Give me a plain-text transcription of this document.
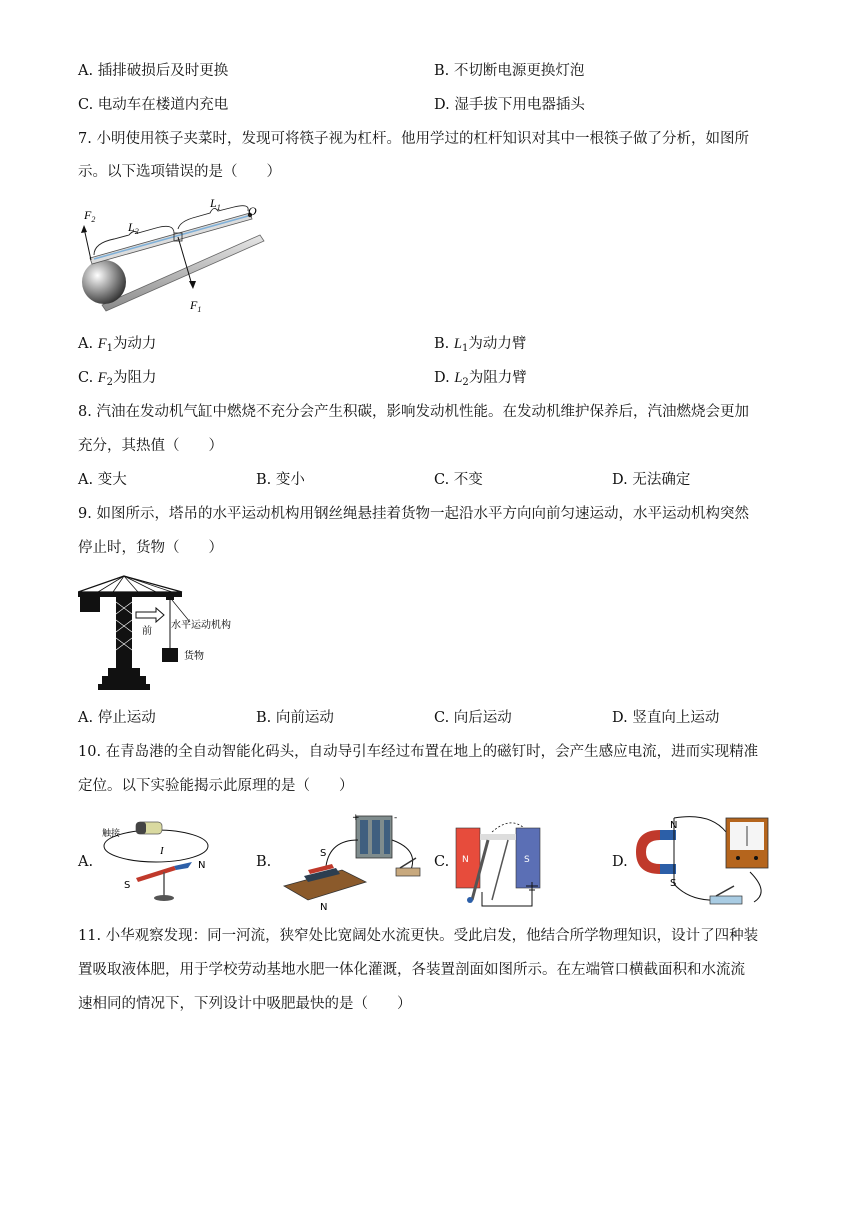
A. 插排破损后及时更换	B. 不切断电源更换灯泡
C. 电动车在楼道内充电	D. 湿手拔下用电器插头
7. 小明使用筷子夹菜时，发现可将筷子视为杠杆。他用学过的杠杆知识对其中一根筷子做了分析，如图所
示。以下选项错误的是（　　）
$F_2$
$L_2$
$L_1$ O
$F_1$
A. $F_1$为动力	B. $L_1$为动力臂
C. $F_2$为阻力	D. $L_2$为阻力臂
8. 汽油在发动机气缸中燃烧不充分会产生积碳，影响发动机性能。在发动机维护保养后，汽油燃烧会更加
充分，其热值（　　）
A. 变大	B. 变小	C. 不变	D. 无法确定
9. 如图所示，塔吊的水平运动机构用钢丝绳悬挂着货物一起沿水平方向向前匀速运动，水平运动机构突然
停止时，货物（　　）
前
水平运动机构
货物
A. 停止运动	B. 向前运动	C. 向后运动	D. 竖直向上运动
10. 在青岛港的全自动智能化码头，自动导引车经过布置在地上的磁钉时，会产生感应电流，进而实现精准
定位。以下实验能揭示此原理的是（　　）
A.
触接
I
N
S
B.
+	-
S
N
C. N	S	D.
N
S
11. 小华观察发现：同一河流，狭窄处比宽阔处水流更快。受此启发，他结合所学物理知识，设计了四种装
置吸取液体肥，用于学校劳动基地水肥一体化灌溉，各装置剖面如图所示。在左端管口横截面积和水流流
速相同的情况下，下列设计中吸肥最快的是（　　）
